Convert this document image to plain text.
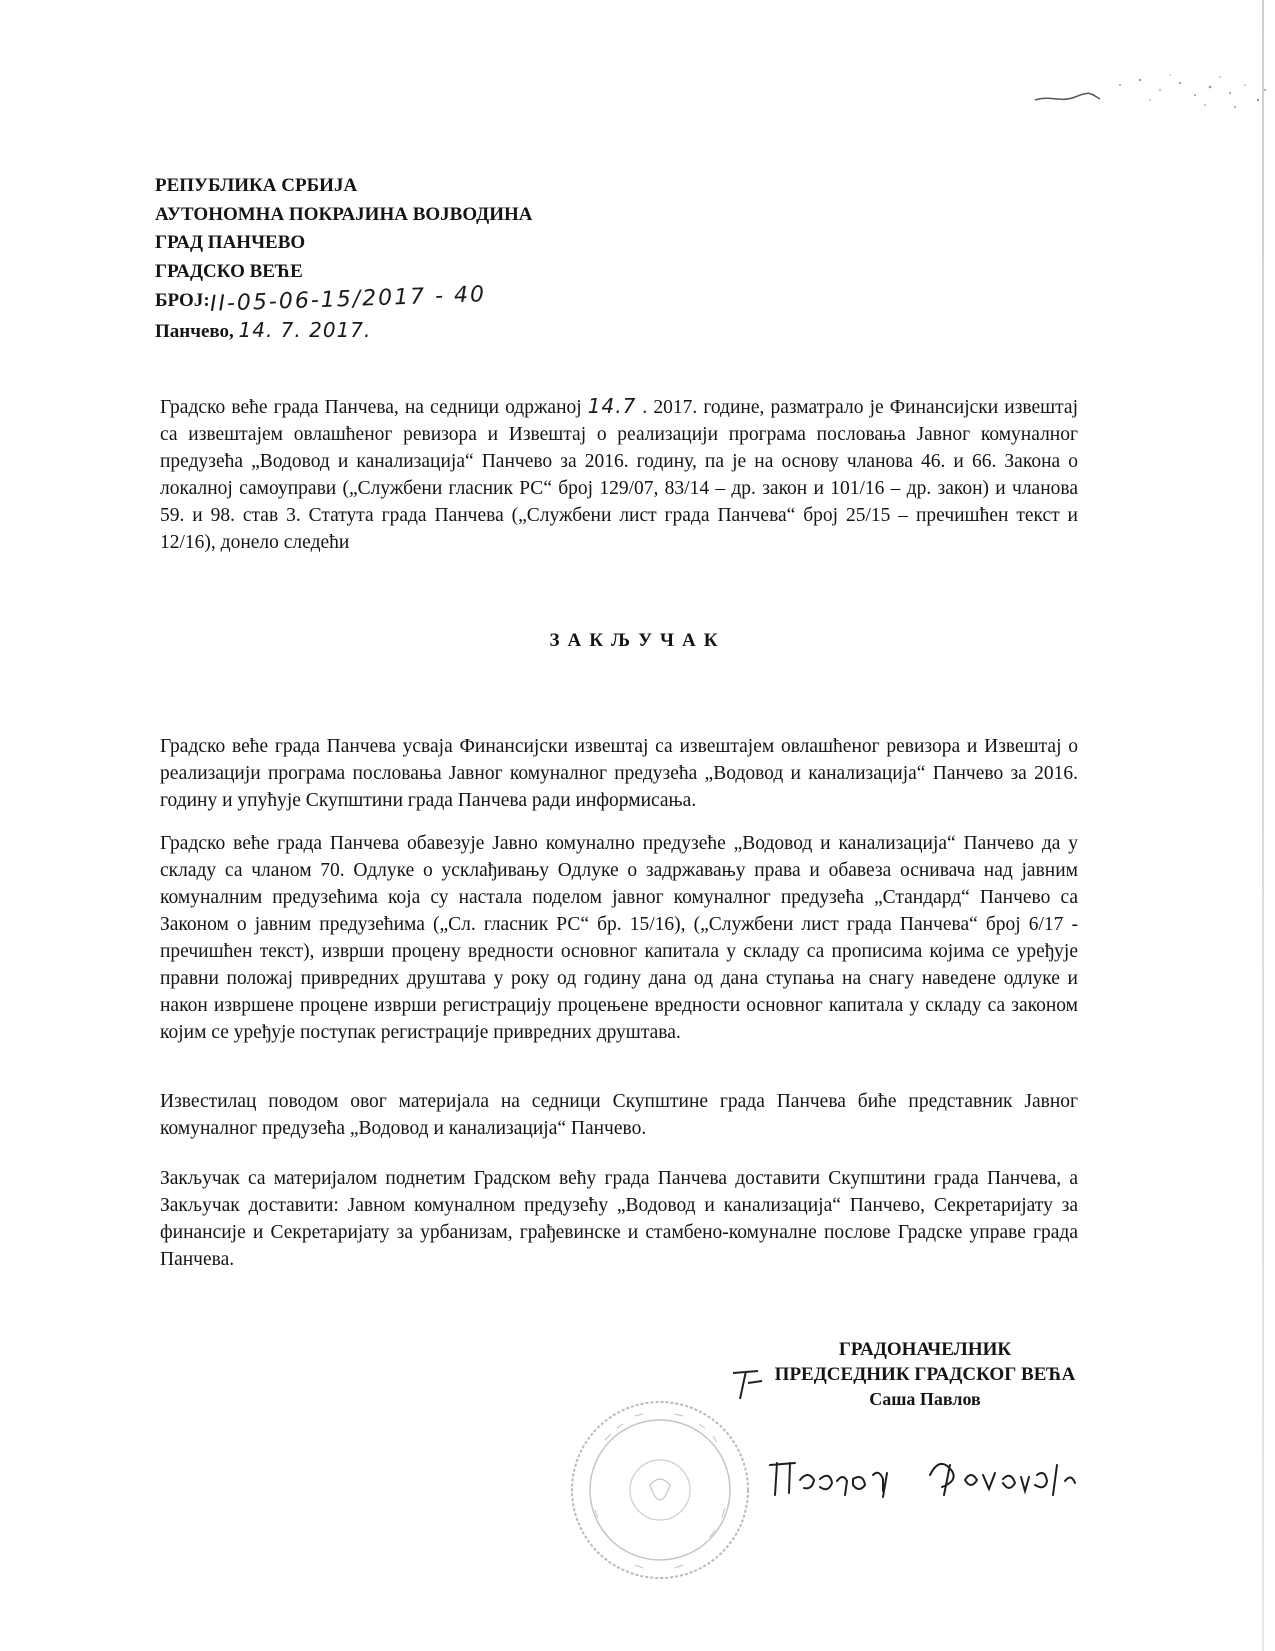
РЕПУБЛИКА СРБИЈА
АУТОНОМНА ПОКРАЈИНА ВОЈВОДИНА
ГРАД ПАНЧЕВО
ГРАДСКО ВЕЋЕ
БРОЈ:II-05-06-15/2017 - 40
Панчево, 14. 7. 2017.
Градско веће града Панчева, на седници одржаној 14.7 . 2017. године, разматрало је Финансијски извештај са извештајем овлашћеног ревизора и Извештај о реализацији програма пословања Јавног комуналног предузећа „Водовод и канализација“ Панчево за 2016. годину, па је на основу чланова 46. и 66. Закона о локалној самоуправи („Службени гласник РС“ број 129/07, 83/14 – др. закон и 101/16 – др. закон) и чланова 59. и 98. став 3. Статута града Панчева („Службени лист града Панчева“ број 25/15 – пречишћен текст и 12/16), донело следећи
ЗАКЉУЧАК
Градско веће града Панчева усваја Финансијски извештај са извештајем овлашћеног ревизора и Извештај о реализацији програма пословања Јавног комуналног предузећа „Водовод и канализација“ Панчево за 2016. годину и упућује Скупштини града Панчева ради информисања.
Градско веће града Панчева обавезује Јавно комунално предузеће „Водовод и канализација“ Панчево да у складу са чланом 70. Одлуке о усклађивању Одлуке о задржавању права и обавеза оснивача над јавним комуналним предузећима која су настала поделом јавног комуналног предузећа „Стандард“ Панчево са Законом о јавним предузећима („Сл. гласник РС“ бр. 15/16), („Службени лист града Панчева“ број 6/17 - пречишћен текст), изврши процену вредности основног капитала у складу са прописима којима се уређује правни положај привредних друштава у року од годину дана од дана ступања на снагу наведене одлуке и након извршене процене изврши регистрацију процењене вредности основног капитала у складу са законом којим се уређује поступак регистрације привредних друштава.
Известилац поводом овог материјала на седници Скупштине града Панчева биће представник Јавног комуналног предузећа „Водовод и канализација“ Панчево.
Закључак са материјалом поднетим Градском већу града Панчева доставити Скупштини града Панчева, а Закључак доставити: Јавном комуналном предузећу „Водовод и канализација“ Панчево, Секретаријату за финансије и Секретаријату за урбанизам, грађевинске и стамбено-комуналне послове Градске управе града Панчева.
ГРАДОНАЧЕЛНИК
ПРЕДСЕДНИК ГРАДСКОГ ВЕЋА
Саша Павлов
